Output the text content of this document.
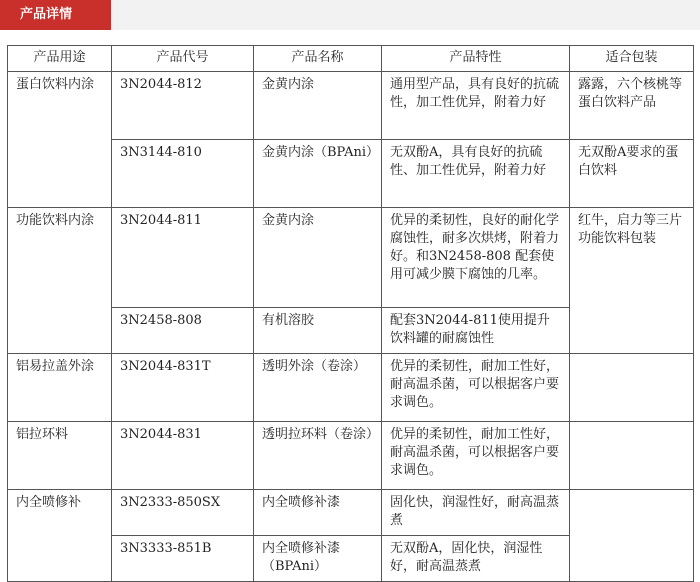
产品详情
产品用途	产品代号	产品名称	产品特性	适合包装
蛋白饮料内涂	3N2044-812	金黄内涂	通用型产品，具有良好的抗硫性，加工性优异，附着力好	露露，六个核桃等蛋白饮料产品
	3N3144-810	金黄内涂（BPAni）	无双酚A，具有良好的抗硫性、加工性优异，附着力好	无双酚A要求的蛋白饮料
功能饮料内涂	3N2044-811	金黄内涂	优异的柔韧性，良好的耐化学腐蚀性，耐多次烘烤，附着力好。和3N2458-808 配套使用可减少膜下腐蚀的几率。	红牛，启力等三片功能饮料包装
	3N2458-808	有机溶胶	配套3N2044-811使用提升饮料罐的耐腐蚀性	
铝易拉盖外涂	3N2044-831T	透明外涂（卷涂）	优异的柔韧性，耐加工性好，耐高温杀菌，可以根据客户要求调色。	
铝拉环料	3N2044-831	透明拉环料（卷涂）	优异的柔韧性，耐加工性好，耐高温杀菌，可以根据客户要求调色。	
内全喷修补	3N2333-850SX	内全喷修补漆	固化快，润湿性好，耐高温蒸煮	
	3N3333-851B	内全喷修补漆（BPAni）	无双酚A，固化快，润湿性好，耐高温蒸煮	
